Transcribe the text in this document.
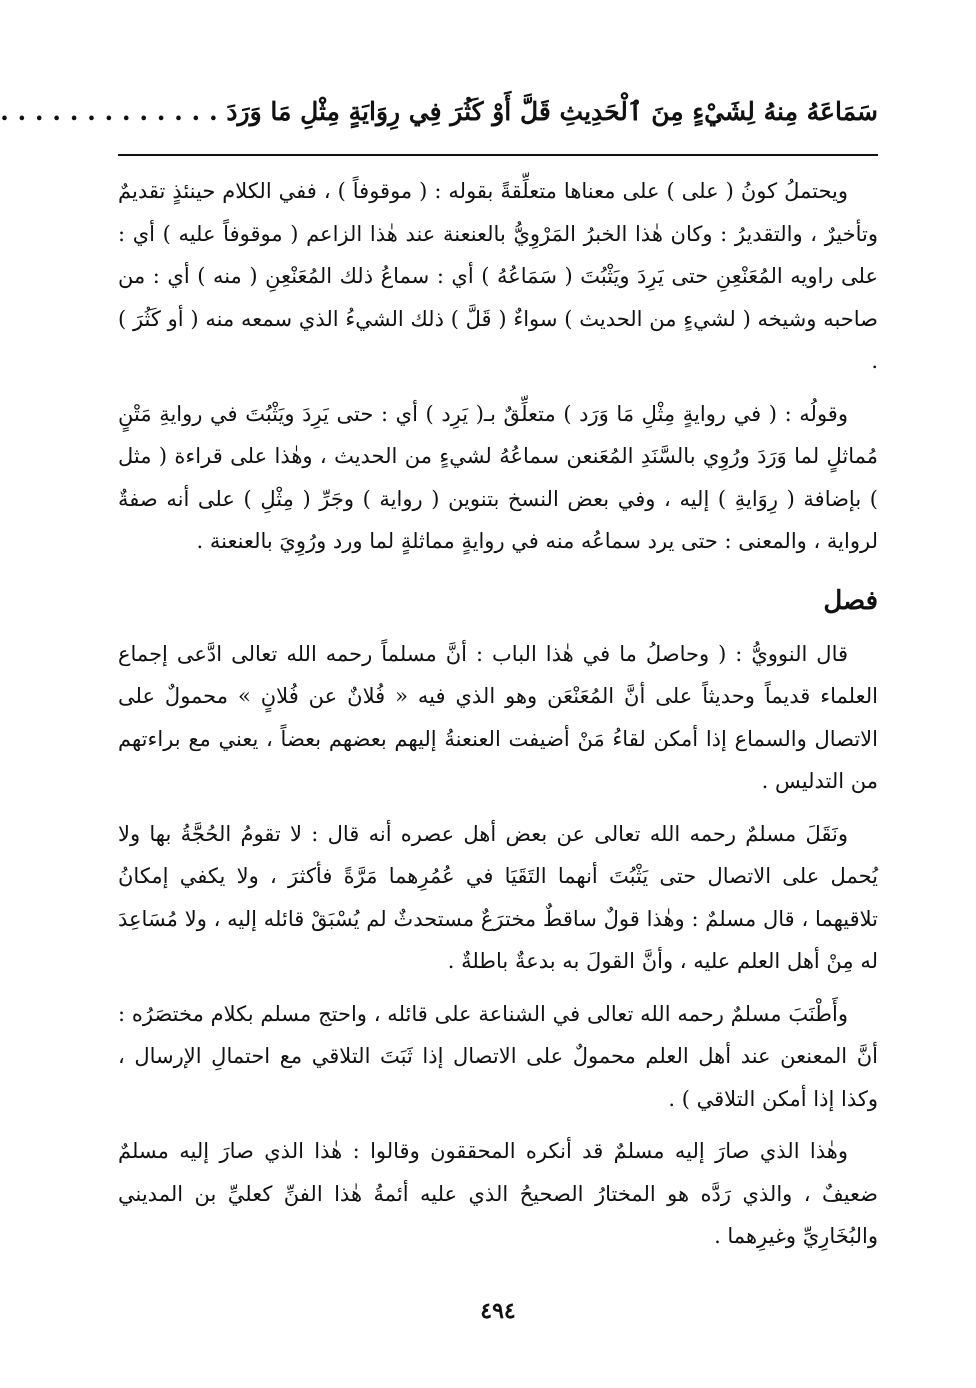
سَمَاعَهُ مِنهُ لِشَيْءٍ مِنَ ٱلْحَدِيثِ قَلَّ أَوْ كَثُرَ فِي رِوَايَةٍ مِثْلِ مَا وَرَدَ . . . . . . . . . . . . .

ويحتملُ كونُ ( على ) على معناها متعلِّقةً بقوله : ( موقوفاً ) ، ففي الكلام حينئذٍ تقديمٌ وتأخيرٌ ، والتقديرُ : وكان هٰذا الخبرُ المَرْوِيُّ بالعنعنة عند هٰذا الزاعم ( موقوفاً عليه ) أي : على راويه المُعَنْعِنِ حتى يَرِدَ ويَثْبُتَ ( سَمَاعُهُ ) أي : سماعُ ذلك المُعَنْعِنِ ( منه ) أي : من صاحبه وشيخه ( لشيءٍ من الحديث ) سواءٌ ( قَلَّ ) ذلك الشيءُ الذي سمعه منه ( أو كَثُرَ ) .

وقولُه : ( في روايةٍ مِثْلِ مَا وَرَد ) متعلِّقٌ بـ( يَرِد ) أي : حتى يَرِدَ ويَثْبُتَ في روايةِ مَتْنٍ مُماثلٍ لما وَرَدَ ورُوِي بالسَّنَدِ المُعَنعن سماعُهُ لشيءٍ من الحديث ، وهٰذا على قراءة ( مثل ) بإضافة ( رِوَايةِ ) إليه ، وفي بعض النسخ بتنوين ( رواية ) وجَرِّ ( مِثْلِ ) على أنه صفةٌ لرواية ، والمعنى : حتى يرد سماعُه منه في روايةٍ مماثلةٍ لما ورد ورُوِيَ بالعنعنة .

فصل

قال النوويُّ : ( وحاصلُ ما في هٰذا الباب : أنَّ مسلماً رحمه الله تعالى ادَّعى إجماع العلماء قديماً وحديثاً على أنَّ المُعَنْعَن وهو الذي فيه « فُلانٌ عن فُلانٍ » محمولٌ على الاتصال والسماع إذا أمكن لقاءُ مَنْ أضيفت العنعنةُ إليهم بعضهم بعضاً ، يعني مع براءتهم من التدليس .

ونَقَلَ مسلمٌ رحمه الله تعالى عن بعض أهل عصره أنه قال : لا تقومُ الحُجَّةُ بها ولا يُحمل على الاتصال حتى يَثْبُتَ أنهما التَقَيَا في عُمُرِهما مَرَّةً فأكثرَ ، ولا يكفي إمكانُ تلاقيهما ، قال مسلمٌ : وهٰذا قولٌ ساقطٌ مخترَعٌ مستحدثٌ لم يُسْبَقْ قائله إليه ، ولا مُسَاعِدَ له مِنْ أهل العلم عليه ، وأنَّ القولَ به بدعةٌ باطلةٌ .

وأَطْنَبَ مسلمٌ رحمه الله تعالى في الشناعة على قائله ، واحتج مسلم بكلام مختصَرُه : أنَّ المعنعن عند أهل العلم محمولٌ على الاتصال إذا ثَبَتَ التلاقي مع احتمالِ الإرسال ، وكذا إذا أمكن التلاقي ) .

وهٰذا الذي صارَ إليه مسلمٌ قد أنكره المحققون وقالوا : هٰذا الذي صارَ إليه مسلمٌ ضعيفٌ ، والذي رَدَّه هو المختارُ الصحيحُ الذي عليه أئمةُ هٰذا الفنِّ كعليِّ بن المديني والبُخَارِيِّ وغيرِهما .

٤٩٤
